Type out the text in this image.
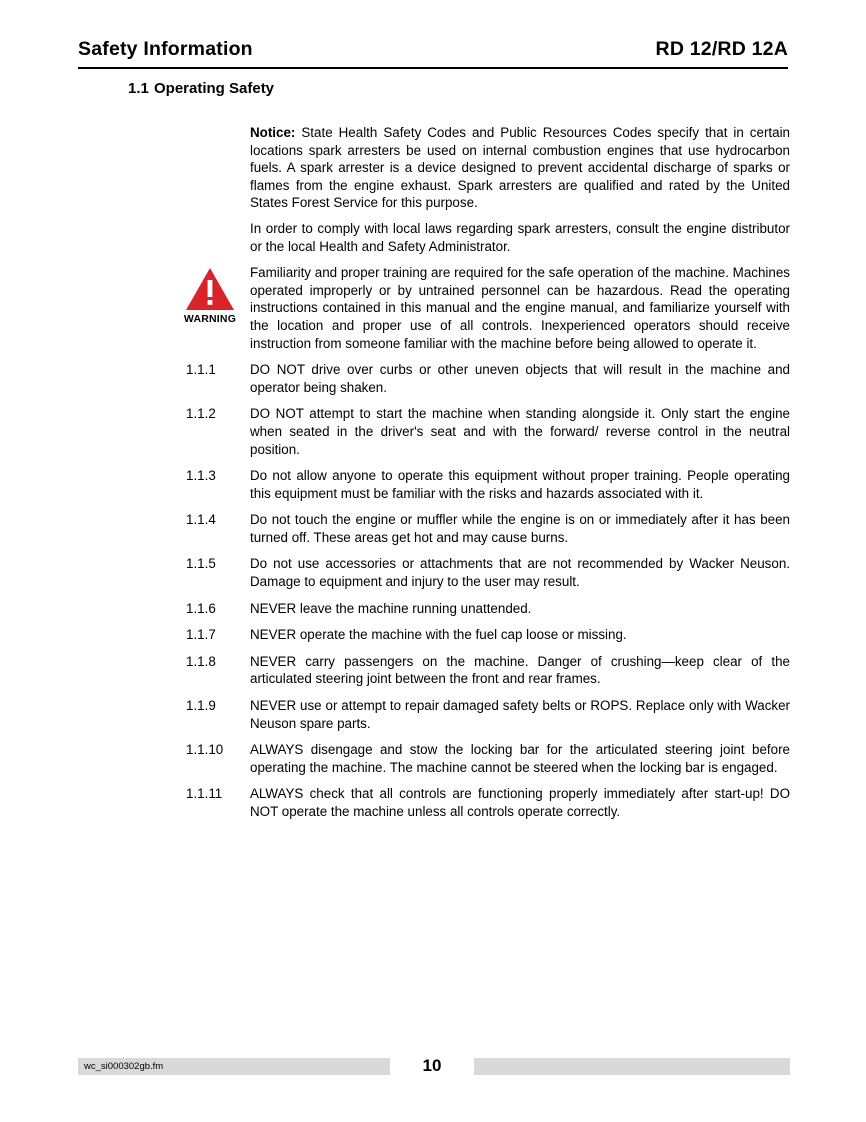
Safety Information	RD 12/RD 12A
1.1 Operating Safety
Notice: State Health Safety Codes and Public Resources Codes specify that in certain locations spark arresters be used on internal combustion engines that use hydrocarbon fuels. A spark arrester is a device designed to prevent accidental discharge of sparks or flames from the engine exhaust. Spark arresters are qualified and rated by the United States Forest Service for this purpose.
In order to comply with local laws regarding spark arresters, consult the engine distributor or the local Health and Safety Administrator.
WARNING
Familiarity and proper training are required for the safe operation of the machine. Machines operated improperly or by untrained personnel can be hazardous. Read the operating instructions contained in this manual and the engine manual, and familiarize yourself with the location and proper use of all controls. Inexperienced operators should receive instruction from someone familiar with the machine before being allowed to operate it.
1.1.1	DO NOT drive over curbs or other uneven objects that will result in the machine and operator being shaken.
1.1.2	DO NOT attempt to start the machine when standing alongside it. Only start the engine when seated in the driver's seat and with the forward/ reverse control in the neutral position.
1.1.3	Do not allow anyone to operate this equipment without proper training. People operating this equipment must be familiar with the risks and hazards associated with it.
1.1.4	Do not touch the engine or muffler while the engine is on or immediately after it has been turned off. These areas get hot and may cause burns.
1.1.5	Do not use accessories or attachments that are not recommended by Wacker Neuson. Damage to equipment and injury to the user may result.
1.1.6	NEVER leave the machine running unattended.
1.1.7	NEVER operate the machine with the fuel cap loose or missing.
1.1.8	NEVER carry passengers on the machine. Danger of crushing—keep clear of the articulated steering joint between the front and rear frames.
1.1.9	NEVER use or attempt to repair damaged safety belts or ROPS. Replace only with Wacker Neuson spare parts.
1.1.10	ALWAYS disengage and stow the locking bar for the articulated steering joint before operating the machine. The machine cannot be steered when the locking bar is engaged.
1.1.11	ALWAYS check that all controls are functioning properly immediately after start-up! DO NOT operate the machine unless all controls operate correctly.
wc_si000302gb.fm	10
